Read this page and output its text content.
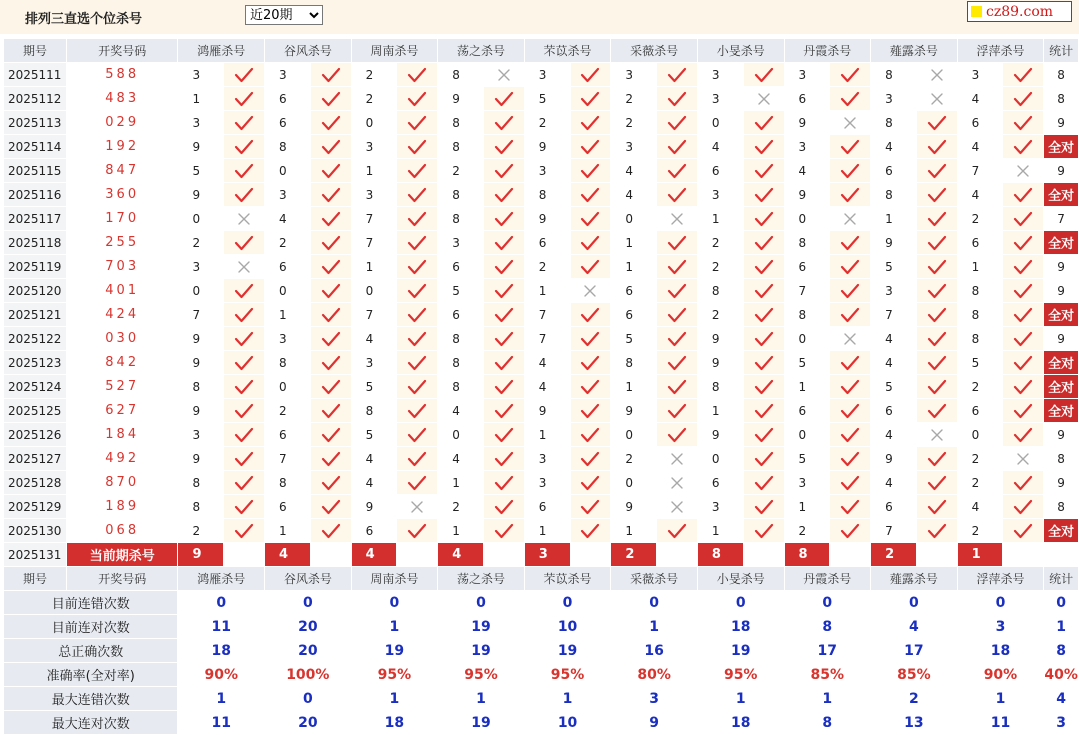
排列三直选个位杀号
近20期	cz89.com
期号	开奖号码	鸿雁杀号		谷风杀号		周南杀号		荡之杀号		芣苡杀号		采薇杀号		小旻杀号		丹霞杀号		薤露杀号		浮萍杀号		统计
2025111	588	3		3		2		8		3		3		3		3		8		3		8
2025112	483	1		6		2		9		5		2		3		6		3		4		8
2025113	029	3		6		0		8		2		2		0		9		8		6		9
2025114	192	9		8		3		8		9		3		4		3		4		4		全对
2025115	847	5		0		1		2		3		4		6		4		6		7		9
2025116	360	9		3		3		8		8		4		3		9		8		4		全对
2025117	170	0		4		7		8		9		0		1		0		1		2		7
2025118	255	2		2		7		3		6		1		2		8		9		6		全对
2025119	703	3		6		1		6		2		1		2		6		5		1		9
2025120	401	0		0		0		5		1		6		8		7		3		8		9
2025121	424	7		1		7		6		7		6		2		8		7		8		全对
2025122	030	9		3		4		8		7		5		9		0		4		8		9
2025123	842	9		8		3		8		4		8		9		5		4		5		全对
2025124	527	8		0		5		8		4		1		8		1		5		2		全对
2025125	627	9		2		8		4		9		9		1		6		6		6		全对
2025126	184	3		6		5		0		1		0		9		0		4		0		9
2025127	492	9		7		4		4		3		2		0		5		9		2		8
2025128	870	8		8		4		1		3		0		6		3		4		2		9
2025129	189	8		6		9		2		6		9		3		1		6		4		8
2025130	068	2		1		6		1		1		1		1		2		7		2		全对
2025131	当前期杀号	9		4		4		4		3		2		8		8		2		1		
期号	开奖号码	鸿雁杀号		谷风杀号		周南杀号		荡之杀号		芣苡杀号		采薇杀号		小旻杀号		丹霞杀号		薤露杀号		浮萍杀号		统计
目前连错次数		0		0		0		0		0		0		0		0		0		0		0
目前连对次数		11		20		1		19		10		1		18		8		4		3		1
总正确次数		18		20		19		19		19		16		19		17		17		18		8
准确率(全对率)		90%		100%		95%		95%		95%		80%		95%		85%		85%		90%		40%
最大连错次数		1		0		1		1		1		3		1		1		2		1		4
最大连对次数		11		20		18		19		10		9		18		8		13		11		3
